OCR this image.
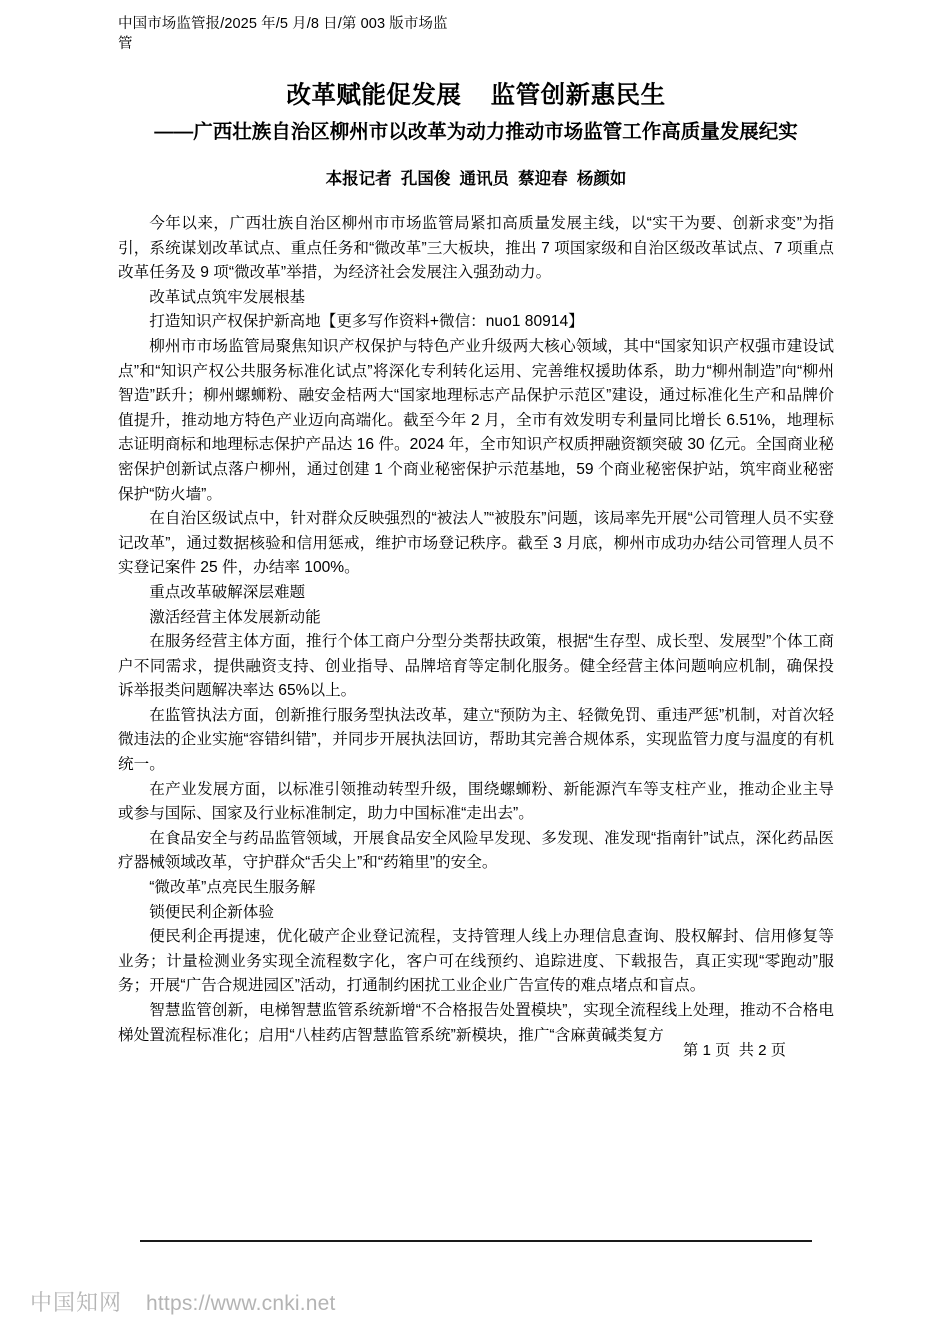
中国市场监管报/2025 年/5 月/8 日/第 003 版市场监管
改革赋能促发展    监管创新惠民生
——广西壮族自治区柳州市以改革为动力推动市场监管工作高质量发展纪实
本报记者  孔国俊  通讯员  蔡迎春  杨颜如

今年以来，广西壮族自治区柳州市市场监管局紧扣高质量发展主线，以“实干为要、创新求变”为指引，系统谋划改革试点、重点任务和“微改革”三大板块，推出 7 项国家级和自治区级改革试点、7 项重点改革任务及 9 项“微改革”举措，为经济社会发展注入强劲动力。

改革试点筑牢发展根基

打造知识产权保护新高地【更多写作资料+微信：nuo1 80914】

柳州市市场监管局聚焦知识产权保护与特色产业升级两大核心领域，其中“国家知识产权强市建设试点”和“知识产权公共服务标准化试点”将深化专利转化运用、完善维权援助体系，助力“柳州制造”向“柳州智造”跃升；柳州螺蛳粉、融安金桔两大“国家地理标志产品保护示范区”建设，通过标准化生产和品牌价值提升，推动地方特色产业迈向高端化。截至今年 2 月，全市有效发明专利量同比增长 6.51%，地理标志证明商标和地理标志保护产品达 16 件。2024 年，全市知识产权质押融资额突破 30 亿元。全国商业秘密保护创新试点落户柳州，通过创建 1 个商业秘密保护示范基地，59 个商业秘密保护站，筑牢商业秘密保护“防火墙”。

在自治区级试点中，针对群众反映强烈的“被法人”“被股东”问题，该局率先开展“公司管理人员不实登记改革”，通过数据核验和信用惩戒，维护市场登记秩序。截至 3 月底，柳州市成功办结公司管理人员不实登记案件 25 件，办结率 100%。

重点改革破解深层难题

激活经营主体发展新动能

在服务经营主体方面，推行个体工商户分型分类帮扶政策，根据“生存型、成长型、发展型”个体工商户不同需求，提供融资支持、创业指导、品牌培育等定制化服务。健全经营主体问题响应机制，确保投诉举报类问题解决率达 65%以上。

在监管执法方面，创新推行服务型执法改革，建立“预防为主、轻微免罚、重违严惩”机制，对首次轻微违法的企业实施“容错纠错”，并同步开展执法回访，帮助其完善合规体系，实现监管力度与温度的有机统一。

在产业发展方面，以标准引领推动转型升级，围绕螺蛳粉、新能源汽车等支柱产业，推动企业主导或参与国际、国家及行业标准制定，助力中国标准“走出去”。

在食品安全与药品监管领域，开展食品安全风险早发现、多发现、准发现“指南针”试点，深化药品医疗器械领域改革，守护群众“舌尖上”和“药箱里”的安全。

“微改革”点亮民生服务解

锁便民利企新体验

便民利企再提速，优化破产企业登记流程，支持管理人线上办理信息查询、股权解封、信用修复等业务；计量检测业务实现全流程数字化，客户可在线预约、追踪进度、下载报告，真正实现“零跑动”服务；开展“广告合规进园区”活动，打通制约困扰工业企业广告宣传的难点堵点和盲点。

智慧监管创新，电梯智慧监管系统新增“不合格报告处置模块”，实现全流程线上处理，推动不合格电梯处置流程标准化；启用“八桂药店智慧监管系统”新模块，推广“含麻黄碱类复方

第 1 页  共 2 页
中国知网 https://www.cnki.net
